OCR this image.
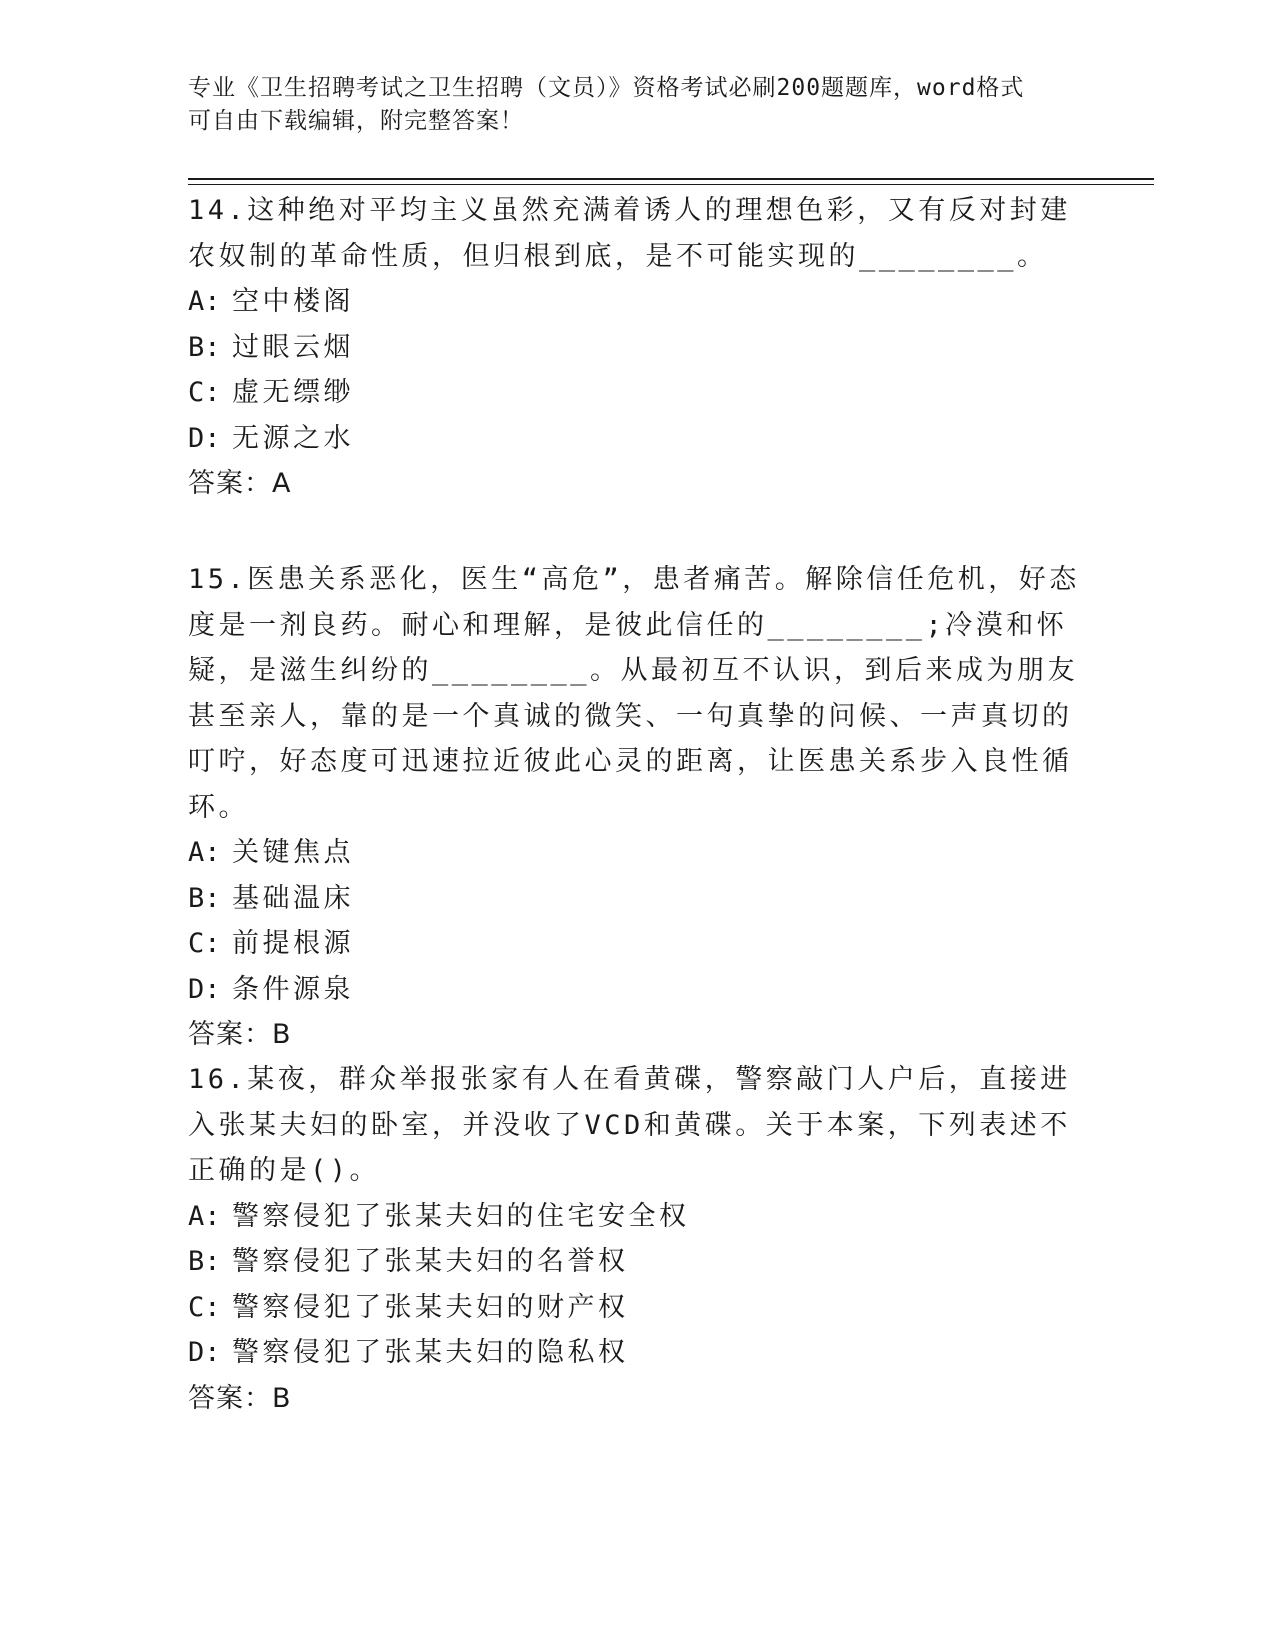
专业《卫生招聘考试之卫生招聘（文员）》资格考试必刷200题题库，word格式
可自由下载编辑，附完整答案！

14.这种绝对平均主义虽然充满着诱人的理想色彩，又有反对封建农奴制的革命性质，但归根到底，是不可能实现的________。

A: 空中楼阁

B: 过眼云烟

C: 虚无缥缈

D: 无源之水

答案：A

15.医患关系恶化，医生“高危”，患者痛苦。解除信任危机，好态度是一剂良药。耐心和理解，是彼此信任的________;冷漠和怀疑，是滋生纠纷的________。从最初互不认识，到后来成为朋友甚至亲人，靠的是一个真诚的微笑、一句真挚的问候、一声真切的叮咛，好态度可迅速拉近彼此心灵的距离，让医患关系步入良性循环。

A: 关键焦点

B: 基础温床

C: 前提根源

D: 条件源泉

答案：B

16.某夜，群众举报张家有人在看黄碟，警察敲门人户后，直接进入张某夫妇的卧室，并没收了VCD和黄碟。关于本案，下列表述不正确的是()。

A: 警察侵犯了张某夫妇的住宅安全权

B: 警察侵犯了张某夫妇的名誉权

C: 警察侵犯了张某夫妇的财产权

D: 警察侵犯了张某夫妇的隐私权

答案：B
